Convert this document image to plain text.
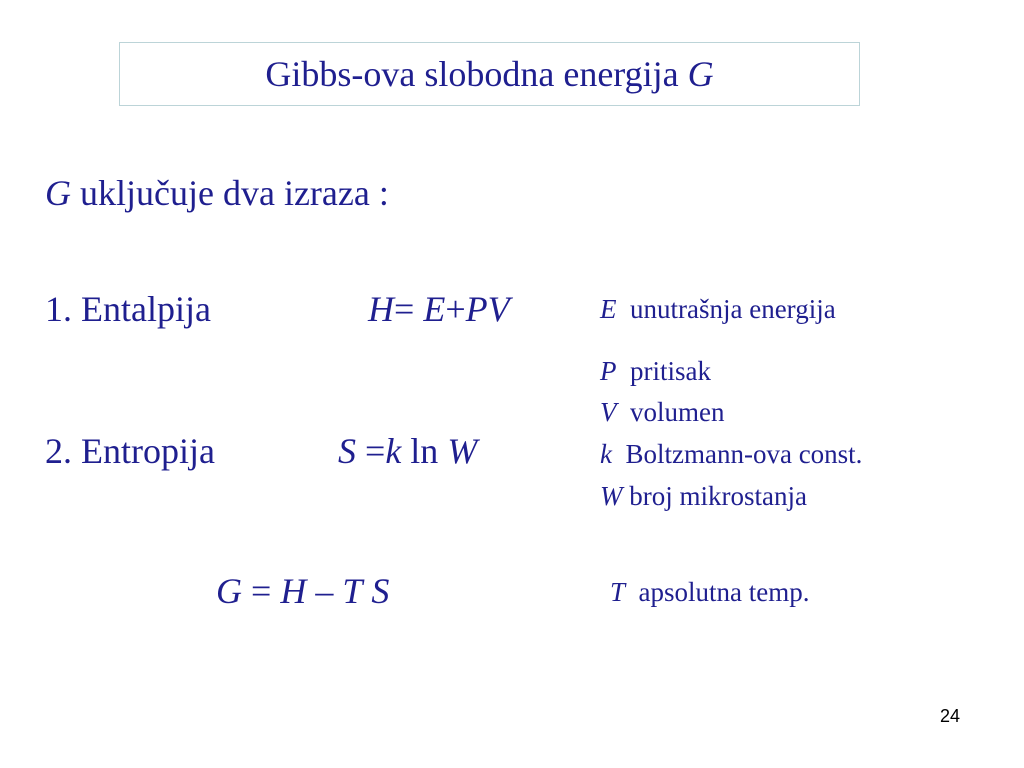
Gibbs-ova slobodna energija G
G uključuje dva izraza :
1. Entalpija	H= E+PV
2. Entropija	S =k ln W
G = H – T S
E unutrašnja energija
P pritisak
V volumen
k Boltzmann-ova const.
W broj mikrostanja
T apsolutna temp.
24
